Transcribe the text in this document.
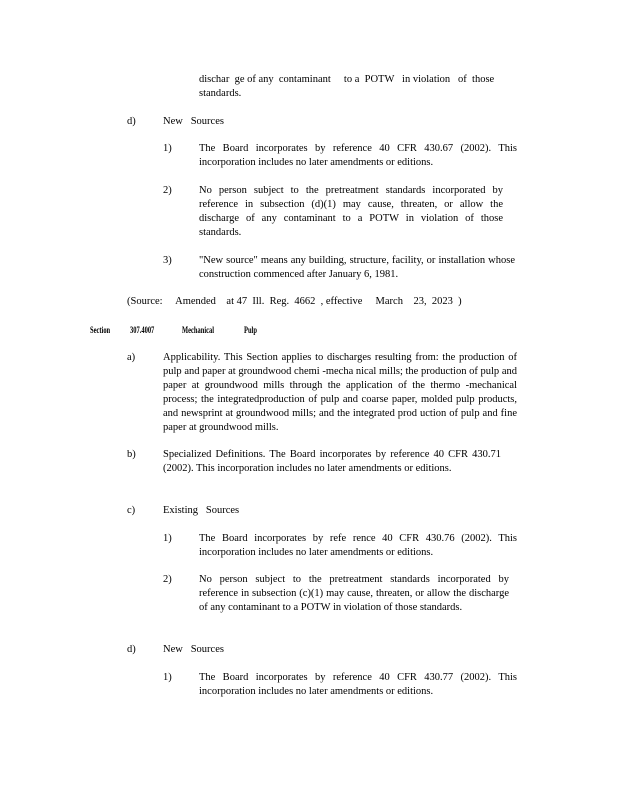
dischar  ge of any  contaminant     to a  POTW   in violation   of  those
standards.
d)	New   Sources
1)	The Board incorporates by reference 40 CFR 430.67 (2002). This incorporation includes no later amendments or editions.
2)	No person subject to the pretreatment standards incorporated by reference in subsection (d)(1) may cause, threaten, or allow the discharge of any contaminant to a POTW in violation of those standards.
3)	"New source" means any building, structure, facility, or installation whose construction commenced after January 6, 1981.
(Source:     Amended    at 47  Ill.  Reg.  4662  , effective     March    23,  2023  )
Section 307.4007	Mechanical	Pulp
a)	Applicability. This Section applies to discharges resulting from: the production of pulp and paper at groundwood chemi -mecha nical mills; the production of pulp and paper at groundwood mills through the application of the thermo -mechanical process; the integratedproduction of pulp and coarse paper, molded pulp products, and newsprint at groundwood mills; and the integrated prod uction of pulp and fine paper at groundwood mills.
b)	Specialized Definitions. The Board incorporates by reference 40 CFR 430.71 (2002). This incorporation includes no later amendments or editions.
c)	Existing   Sources
1)	The Board incorporates by refe rence 40 CFR 430.76 (2002). This incorporation includes no later amendments or editions.
2)	No person subject to the pretreatment standards incorporated by reference in subsection (c)(1) may cause, threaten, or allow the discharge of any contaminant to a POTW in violation of those standards.
d)	New   Sources
1)	The Board incorporates by reference 40 CFR 430.77 (2002). This incorporation includes no later amendments or editions.
